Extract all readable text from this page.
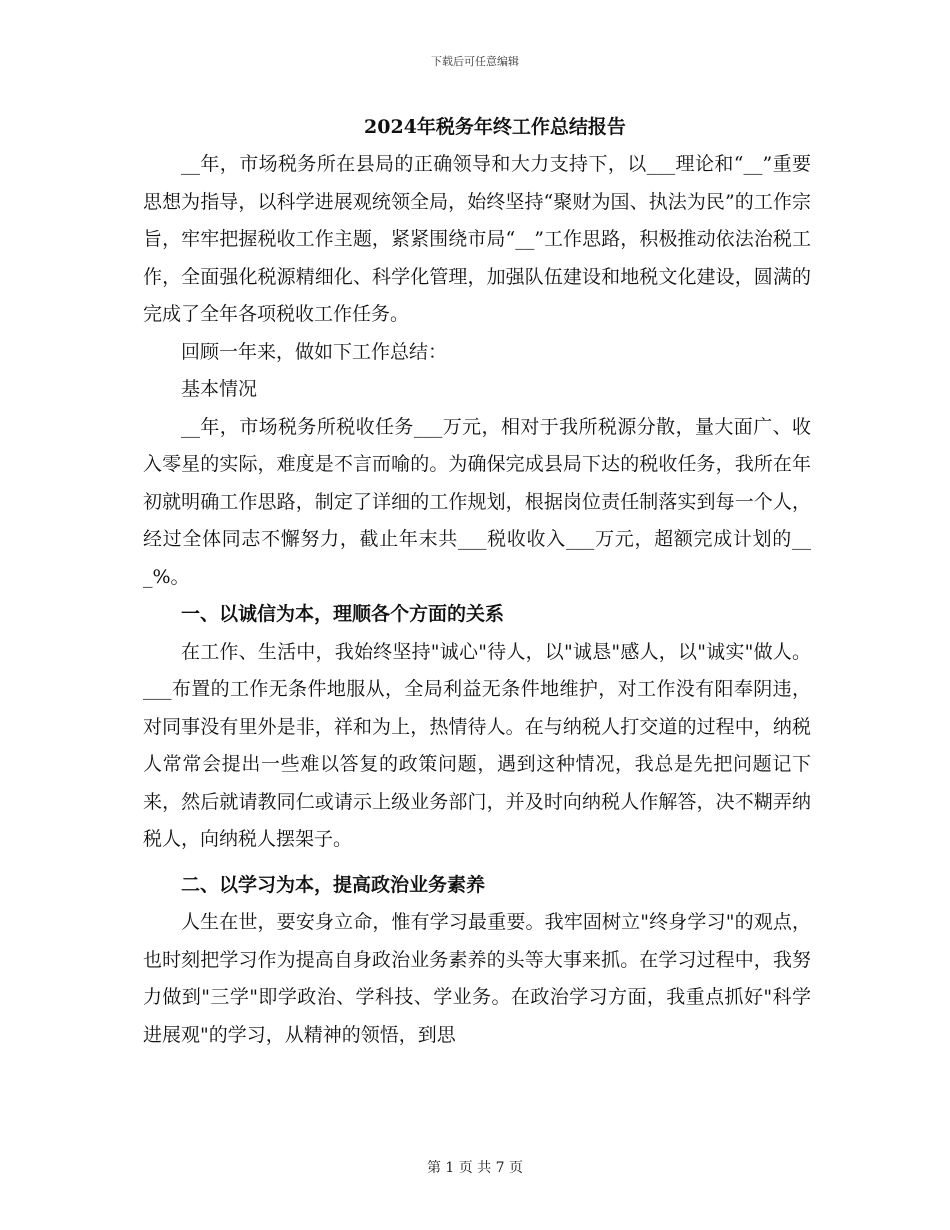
下载后可任意编辑
2024年税务年终工作总结报告

__年，市场税务所在县局的正确领导和大力支持下，以___理论和“__”重要思想为指导，以科学进展观统领全局，始终坚持“聚财为国、执法为民”的工作宗旨，牢牢把握税收工作主题，紧紧围绕市局“__”工作思路，积极推动依法治税工作，全面强化税源精细化、科学化管理，加强队伍建设和地税文化建设，圆满的完成了全年各项税收工作任务。

回顾一年来，做如下工作总结：

基本情况

__年，市场税务所税收任务___万元，相对于我所税源分散，量大面广、收入零星的实际，难度是不言而喻的。为确保完成县局下达的税收任务，我所在年初就明确工作思路，制定了详细的工作规划，根据岗位责任制落实到每一个人，经过全体同志不懈努力，截止年末共___税收收入___万元，超额完成计划的___%。

一、以诚信为本，理顺各个方面的关系

在工作、生活中，我始终坚持"诚心"待人，以"诚恳"感人，以"诚实"做人。___布置的工作无条件地服从，全局利益无条件地维护，对工作没有阳奉阴违，对同事没有里外是非，祥和为上，热情待人。在与纳税人打交道的过程中，纳税人常常会提出一些难以答复的政策问题，遇到这种情况，我总是先把问题记下来，然后就请教同仁或请示上级业务部门，并及时向纳税人作解答，决不糊弄纳税人，向纳税人摆架子。

二、以学习为本，提高政治业务素养

人生在世，要安身立命，惟有学习最重要。我牢固树立"终身学习"的观点，也时刻把学习作为提高自身政治业务素养的头等大事来抓。在学习过程中，我努力做到"三学"即学政治、学科技、学业务。在政治学习方面，我重点抓好"科学进展观"的学习，从精神的领悟，到思

第 1 页 共 7 页
